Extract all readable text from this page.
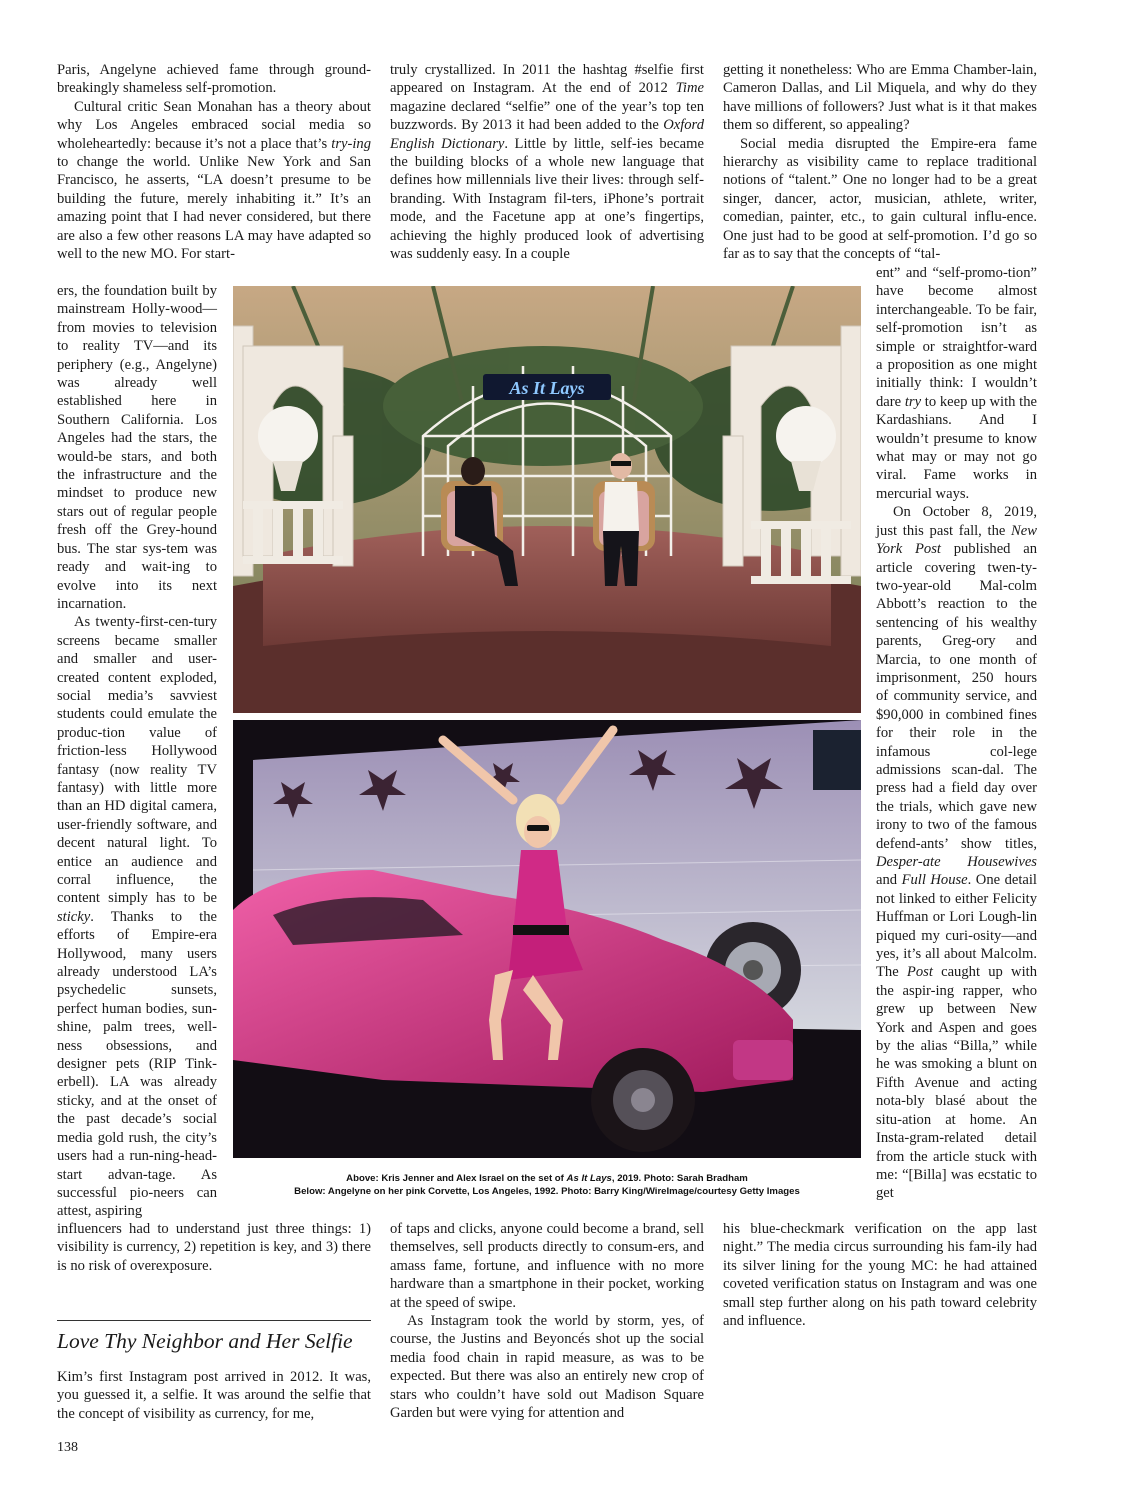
Paris, Angelyne achieved fame through ground-breakingly shameless self-promotion.

Cultural critic Sean Monahan has a theory about why Los Angeles embraced social media so wholeheartedly: because it’s not a place that’s try-ing to change the world. Unlike New York and San Francisco, he asserts, “LA doesn’t presume to be building the future, merely inhabiting it.” It’s an amazing point that I had never considered, but there are also a few other reasons LA may have adapted so well to the new MO. For start-

ers, the foundation built by mainstream Holly-wood—from movies to television to reality TV—and its periphery (e.g., Angelyne) was already well established here in Southern California. Los Angeles had the stars, the would-be stars, and both the infrastructure and the mindset to produce new stars out of regular people fresh off the Grey-hound bus. The star sys-tem was ready and wait-ing to evolve into its next incarnation.

As twenty-first-cen-tury screens became smaller and smaller and user-created content exploded, social media’s savviest students could emulate the produc-tion value of friction-less Hollywood fantasy (now reality TV fantasy) with little more than an HD digital camera, user-friendly software, and decent natural light. To entice an audience and corral influence, the content simply has to be sticky. Thanks to the efforts of Empire-era Hollywood, many users already understood LA’s psychedelic sunsets, perfect human bodies, sun-shine, palm trees, well-ness obsessions, and designer pets (RIP Tink-erbell). LA was already sticky, and at the onset of the past decade’s social media gold rush, the city’s users had a run-ning-head-start advan-tage. As successful pio-neers can attest, aspiring

influencers had to understand just three things: 1) visibility is currency, 2) repetition is key, and 3) there is no risk of overexposure.

Love Thy Neighbor and Her Selfie

Kim’s first Instagram post arrived in 2012. It was, you guessed it, a selfie. It was around the selfie that the concept of visibility as currency, for me,

truly crystallized. In 2011 the hashtag #selfie first appeared on Instagram. At the end of 2012 Time magazine declared “selfie” one of the year’s top ten buzzwords. By 2013 it had been added to the Oxford English Dictionary. Little by little, self-ies became the building blocks of a whole new language that defines how millennials live their lives: through self-branding. With Instagram fil-ters, iPhone’s portrait mode, and the Facetune app at one’s fingertips, achieving the highly produced look of advertising was suddenly easy. In a couple

of taps and clicks, anyone could become a brand, sell themselves, sell products directly to consum-ers, and amass fame, fortune, and influence with no more hardware than a smartphone in their pocket, working at the speed of swipe.

As Instagram took the world by storm, yes, of course, the Justins and Beyoncés shot up the social media food chain in rapid measure, as was to be expected. But there was also an entirely new crop of stars who couldn’t have sold out Madison Square Garden but were vying for attention and

getting it nonetheless: Who are Emma Chamber-lain, Cameron Dallas, and Lil Miquela, and why do they have millions of followers? Just what is it that makes them so different, so appealing?

Social media disrupted the Empire-era fame hierarchy as visibility came to replace traditional notions of “talent.” One no longer had to be a great singer, dancer, actor, musician, athlete, writer, comedian, painter, etc., to gain cultural influ-ence. One just had to be good at self-promotion. I’d go so far as to say that the concepts of “tal-

ent” and “self-promo-tion” have become almost interchangeable. To be fair, self-promotion isn’t as simple or straightfor-ward a proposition as one might initially think: I wouldn’t dare try to keep up with the Kardashians. And I wouldn’t presume to know what may or may not go viral. Fame works in mercurial ways.

On October 8, 2019, just this past fall, the New York Post published an article covering twen-ty-two-year-old Mal-colm Abbott’s reaction to the sentencing of his wealthy parents, Greg-ory and Marcia, to one month of imprisonment, 250 hours of community service, and $90,000 in combined fines for their role in the infamous col-lege admissions scan-dal. The press had a field day over the trials, which gave new irony to two of the famous defend-ants’ show titles, Desper-ate Housewives and Full House. One detail not linked to either Felicity Huffman or Lori Lough-lin piqued my curi-osity—and yes, it’s all about Malcolm. The Post caught up with the aspir-ing rapper, who grew up between New York and Aspen and goes by the alias “Billa,” while he was smoking a blunt on Fifth Avenue and acting nota-bly blasé about the situ-ation at home. An Insta-gram-related detail from the article stuck with me: “[Billa] was ecstatic to get

his blue-checkmark verification on the app last night.” The media circus surrounding his fam-ily had its silver lining for the young MC: he had attained coveted verification status on Instagram and was one small step further along on his path toward celebrity and influence.

As It Lays
Above: Kris Jenner and Alex Israel on the set of As It Lays, 2019. Photo: Sarah Bradham
Below: Angelyne on her pink Corvette, Los Angeles, 1992. Photo: Barry King/WireImage/courtesy Getty Images
138
